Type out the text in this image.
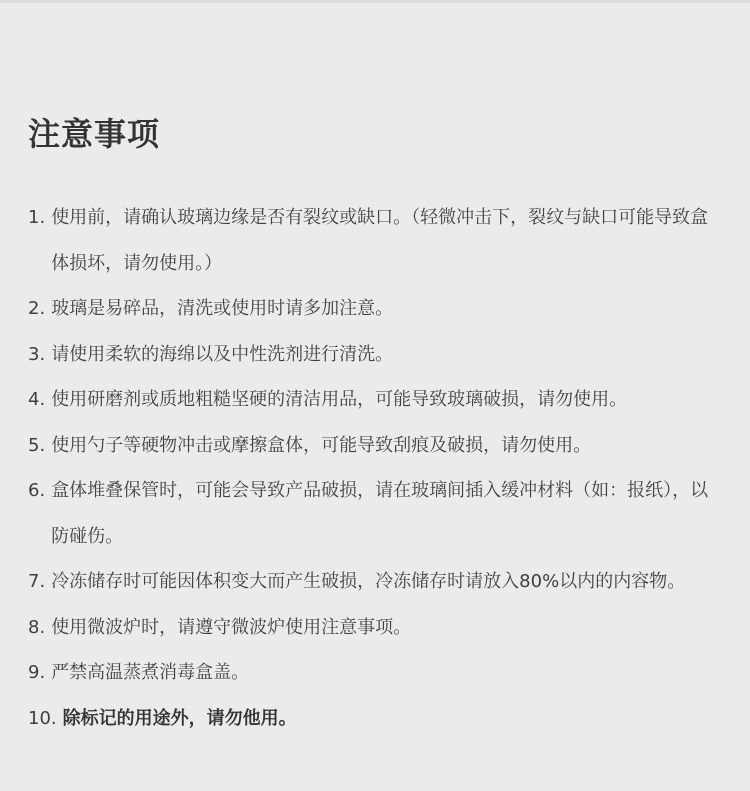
注意事项
1. 使用前，请确认玻璃边缘是否有裂纹或缺口。（轻微冲击下，裂纹与缺口可能导致盒体损坏，请勿使用。）
2. 玻璃是易碎品，清洗或使用时请多加注意。
3. 请使用柔软的海绵以及中性洗剂进行清洗。
4. 使用研磨剂或质地粗糙坚硬的清洁用品，可能导致玻璃破损，请勿使用。
5. 使用勺子等硬物冲击或摩擦盒体，可能导致刮痕及破损，请勿使用。
6. 盒体堆叠保管时，可能会导致产品破损，请在玻璃间插入缓冲材料（如：报纸），以防碰伤。
7. 冷冻储存时可能因体积变大而产生破损，冷冻储存时请放入80%以内的内容物。
8. 使用微波炉时，请遵守微波炉使用注意事项。
9. 严禁高温蒸煮消毒盒盖。
10. 除标记的用途外，请勿他用。
